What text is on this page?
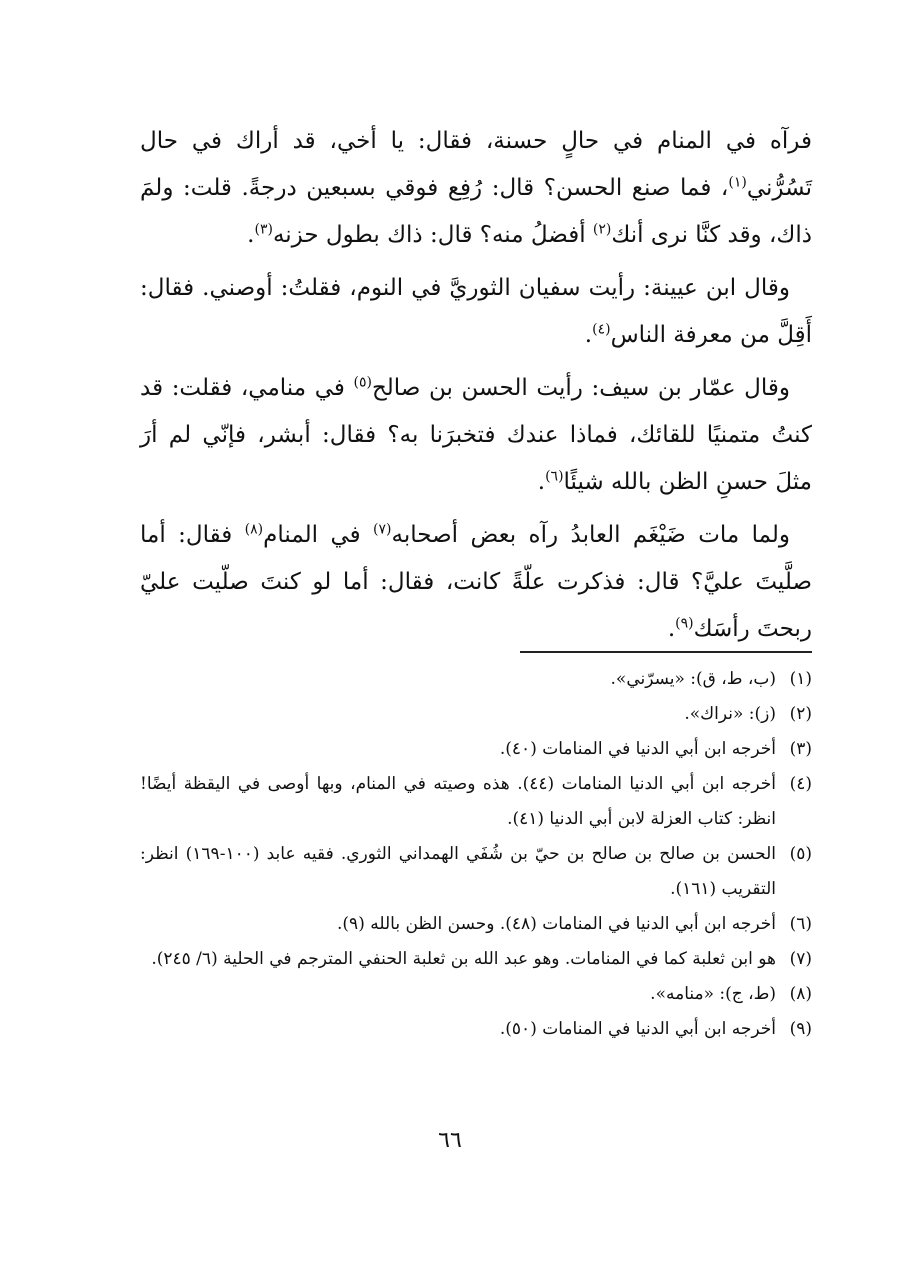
فرآه في المنام في حالٍ حسنة، فقال: يا أخي، قد أراك في حال تَسُرُّني$^{(١)}$، فما صنع الحسن؟ قال: رُفِع فوقي بسبعين درجةً. قلت: ولمَ ذاك، وقد كنَّا نرى أنك$^{(٢)}$ أفضلُ منه؟ قال: ذاك بطول حزنه$^{(٣)}$.

وقال ابن عيينة: رأيت سفيان الثوريَّ في النوم، فقلتُ: أوصني. فقال: أَقِلَّ من معرفة الناس$^{(٤)}$.

وقال عمّار بن سيف: رأيت الحسن بن صالح$^{(٥)}$ في منامي، فقلت: قد كنتُ متمنيًا للقائك، فماذا عندك فتخبرَنا به؟ فقال: أبشر، فإنّي لم أرَ مثلَ حسنِ الظن بالله شيئًا$^{(٦)}$.

ولما مات ضَيْغَم العابدُ رآه بعض أصحابه$^{(٧)}$ في المنام$^{(٨)}$ فقال: أما صلَّيتَ عليَّ؟ قال: فذكرت علّةً كانت، فقال: أما لو كنتَ صلّيت عليّ ربحتَ رأسَك$^{(٩)}$.

(١)
(ب، ط، ق): «يسرّني».
(٢)
(ز): «نراك».
(٣)
أخرجه ابن أبي الدنيا في المنامات (٤٠).
(٤)
أخرجه ابن أبي الدنيا المنامات (٤٤). هذه وصيته في المنام، وبها أوصى في اليقظة أيضًا! انظر: كتاب العزلة لابن أبي الدنيا (٤١).
(٥)
الحسن بن صالح بن صالح بن حيّ بن شُفَي الهمداني الثوري. فقيه عابد (١٠٠-١٦٩) انظر: التقريب (١٦١).
(٦)
أخرجه ابن أبي الدنيا في المنامات (٤٨). وحسن الظن بالله (٩).
(٧)
هو ابن ثعلبة كما في المنامات. وهو عبد الله بن ثعلبة الحنفي المترجم في الحلية (٦/ ٢٤٥).
(٨)
(ط، ج): «منامه».
(٩)
أخرجه ابن أبي الدنيا في المنامات (٥٠).
٦٦
